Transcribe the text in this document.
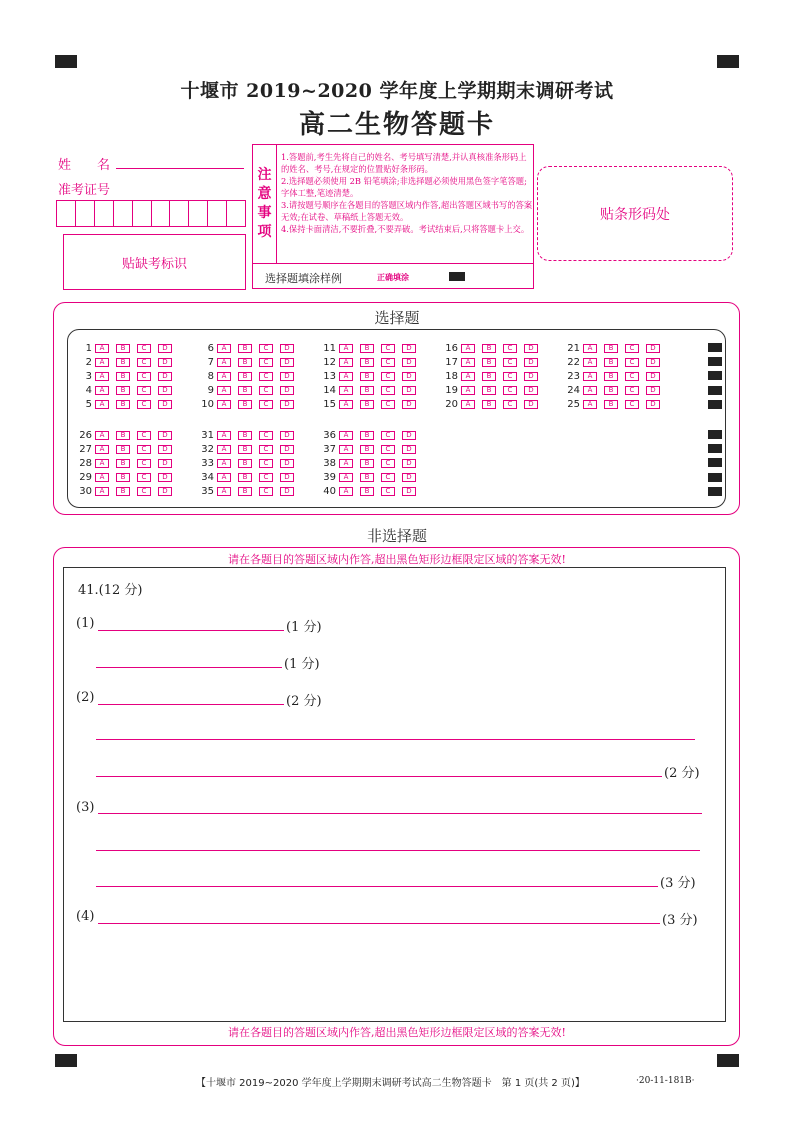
十堰市 2019~2020 学年度上学期期末调研考试
高二生物答题卡
姓　　名
准考证号
贴缺考标识
注
意
事
项
1.答题前,考生先将自己的姓名、考号填写清楚,并认真核准条形码上的姓名、考号,在规定的位置贴好条形码。
2.选择题必须使用 2B 铅笔填涂;非选择题必须使用黑色签字笔答题;字体工整,笔迹清楚。
3.请按题号顺序在各题目的答题区域内作答,超出答题区域书写的答案无效;在试卷、草稿纸上答题无效。
4.保持卡面清洁,不要折叠,不要弄破。考试结束后,只将答题卡上交。
选择题填涂样例	正确填涂
贴条形码处
选择题
1	A	B	C	D
2	A	B	C	D
3	A	B	C	D
4	A	B	C	D
5	A	B	C	D
6	A	B	C	D
7	A	B	C	D
8	A	B	C	D
9	A	B	C	D
10	A	B	C	D
11	A	B	C	D
12	A	B	C	D
13	A	B	C	D
14	A	B	C	D
15	A	B	C	D
16	A	B	C	D
17	A	B	C	D
18	A	B	C	D
19	A	B	C	D
20	A	B	C	D
21	A	B	C	D
22	A	B	C	D
23	A	B	C	D
24	A	B	C	D
25	A	B	C	D
26	A	B	C	D
27	A	B	C	D
28	A	B	C	D
29	A	B	C	D
30	A	B	C	D
31	A	B	C	D
32	A	B	C	D
33	A	B	C	D
34	A	B	C	D
35	A	B	C	D
36	A	B	C	D
37	A	B	C	D
38	A	B	C	D
39	A	B	C	D
40	A	B	C	D
非选择题
请在各题目的答题区域内作答,超出黑色矩形边框限定区域的答案无效!
请在各题目的答题区域内作答,超出黑色矩形边框限定区域的答案无效!
41.(12 分)
(1)	(1 分)
(1 分)
(2)	(2 分)
(2 分)
(3)
(3 分)
(4)	(3 分)
【十堰市 2019~2020 学年度上学期期末调研考试高二生物答题卡　第 1 页(共 2 页)】	·20-11-181B·
